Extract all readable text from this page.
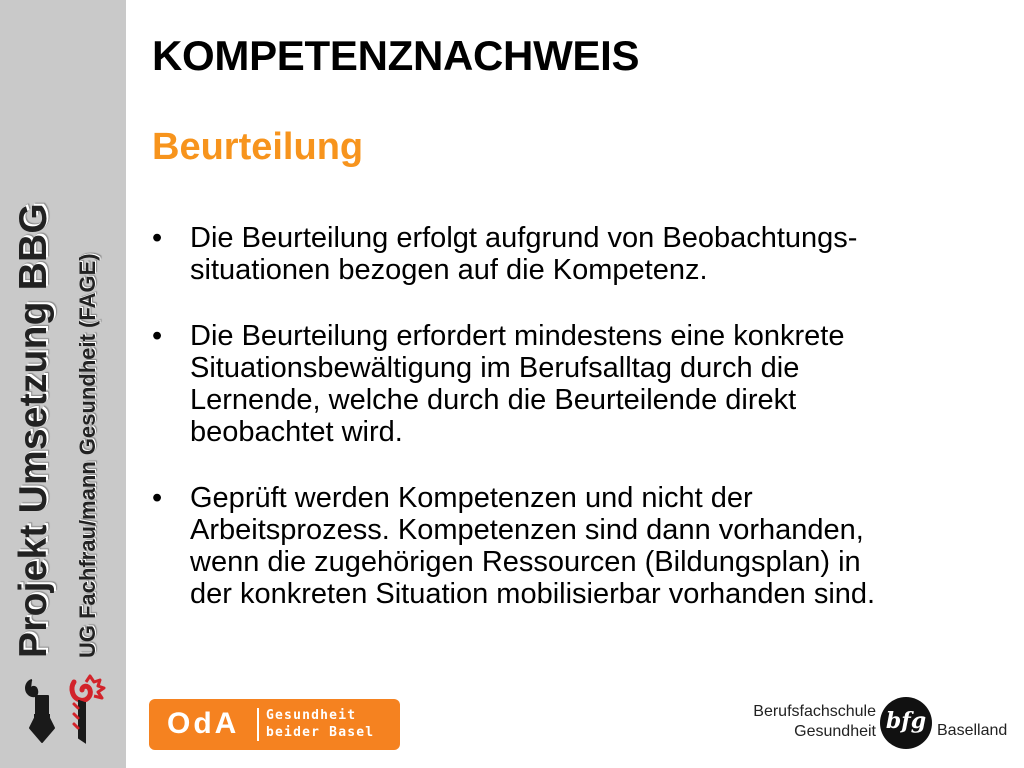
Projekt Umsetzung BBG UG Fachfrau/mann Gesundheit (FAGE)
KOMPETENZNACHWEIS
Beurteilung
• Die Beurteilung erfolgt aufgrund von Beobachtungs-
situationen bezogen auf die Kompetenz.
• Die Beurteilung erfordert mindestens eine konkrete
Situationsbewältigung im Berufsalltag durch die
Lernende, welche durch die Beurteilende direkt
beobachtet wird.
• Geprüft werden Kompetenzen und nicht der
Arbeitsprozess. Kompetenzen sind dann vorhanden,
wenn die zugehörigen Ressourcen (Bildungsplan) in
der konkreten Situation mobilisierbar vorhanden sind.
OdA Gesundheit
beider Basel
Berufsfachschule
Gesundheit bfg Baselland
